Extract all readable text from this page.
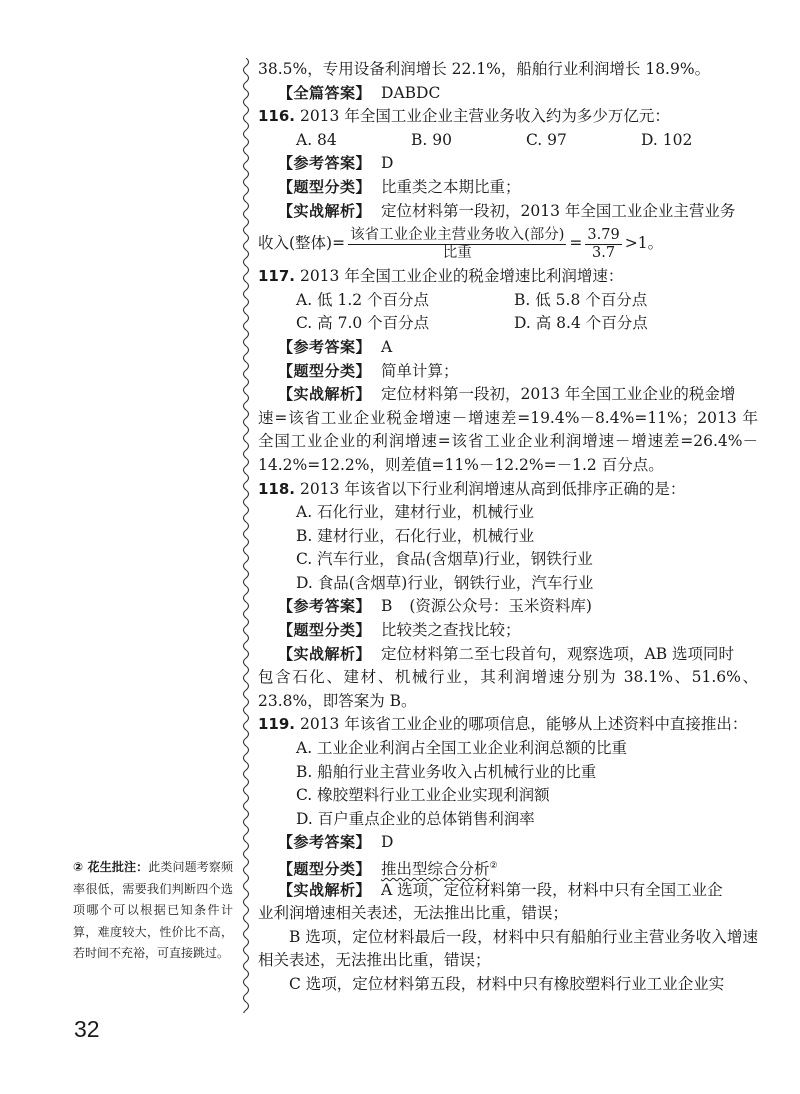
38.5%，专用设备利润增长 22.1%，船舶行业利润增长 18.9%。
【全篇答案】 DABDC
116. 2013 年全国工业企业主营业务收入约为多少万亿元：
A. 84	B. 90	C. 97	D. 102
【参考答案】 D
【题型分类】 比重类之本期比重；
【实战解析】 定位材料第一段初，2013 年全国工业企业主营业务
收入(整体)= $\frac{\text{该省工业企业主营业务收入(部分)}}{\text{比重}} = \frac{3.79}{3.7} >1$。
117. 2013 年全国工业企业的税金增速比利润增速：
A. 低 1.2 个百分点	B. 低 5.8 个百分点
C. 高 7.0 个百分点	D. 高 8.4 个百分点
【参考答案】 A
【题型分类】 简单计算；
【实战解析】 定位材料第一段初，2013 年全国工业企业的税金增
速=该省工业企业税金增速－增速差=19.4%－8.4%=11%；2013 年全国工业企业的利润增速=该省工业企业利润增速－增速差=26.4%－14.2%=12.2%，则差值=11%－12.2%=－1.2 百分点。
118. 2013 年该省以下行业利润增速从高到低排序正确的是：
A. 石化行业，建材行业，机械行业
B. 建材行业，石化行业，机械行业
C. 汽车行业，食品(含烟草)行业，钢铁行业
D. 食品(含烟草)行业，钢铁行业，汽车行业
【参考答案】 B (资源公众号：玉米资料库)
【题型分类】 比较类之查找比较；
【实战解析】 定位材料第二至七段首句，观察选项，AB 选项同时
包含石化、建材、机械行业，其利润增速分别为 38.1%、51.6%、23.8%，即答案为 B。
119. 2013 年该省工业企业的哪项信息，能够从上述资料中直接推出：
A. 工业企业利润占全国工业企业利润总额的比重
B. 船舶行业主营业务收入占机械行业的比重
C. 橡胶塑料行业工业企业实现利润额
D. 百户重点企业的总体销售利润率
【参考答案】 D
【题型分类】 推出型综合分析②
【实战解析】 A 选项，定位材料第一段，材料中只有全国工业企
业利润增速相关表述，无法推出比重，错误；
B 选项，定位材料最后一段，材料中只有船舶行业主营业务收入增速相关表述，无法推出比重，错误；
C 选项，定位材料第五段，材料中只有橡胶塑料行业工业企业实
② 花生批注：此类问题考察频率很低，需要我们判断四个选项哪个可以根据已知条件计算，难度较大，性价比不高，若时间不充裕，可直接跳过。
32
